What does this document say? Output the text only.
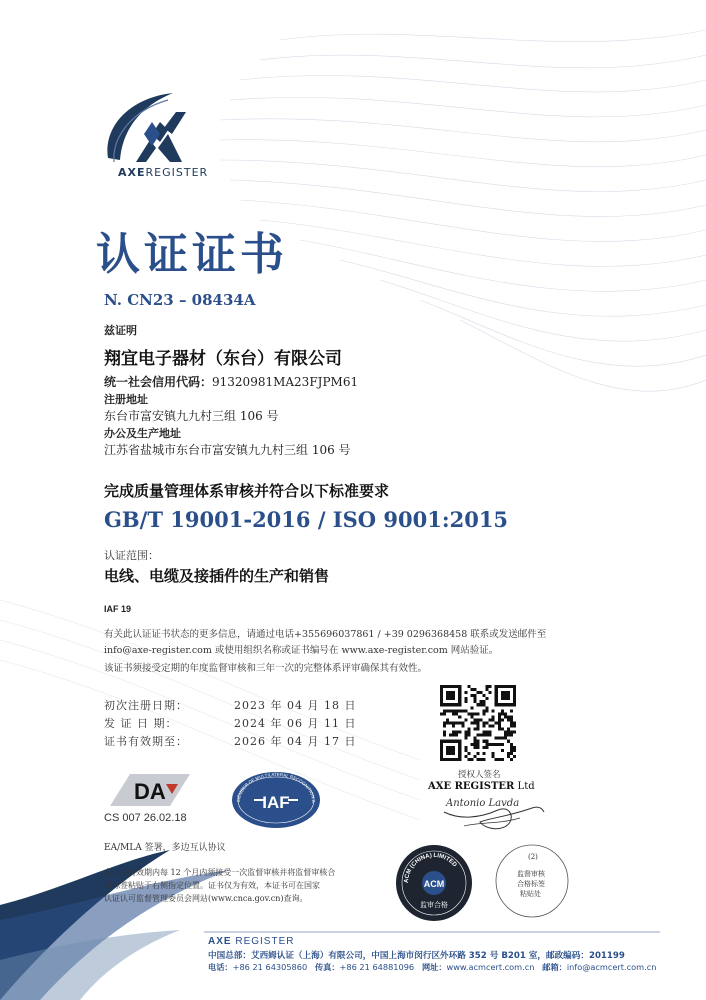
AXEREGISTER
认证证书
N. CN23 – 08434A
兹证明
翔宜电子器材（东台）有限公司
统一社会信用代码：91320981MA23FJPM61
注册地址
东台市富安镇九九村三组 106 号
办公及生产地址
江苏省盐城市东台市富安镇九九村三组 106 号
完成质量管理体系审核并符合以下标准要求
GB/T 19001-2016 / ISO 9001:2015
认证范围：
电线、电缆及接插件的生产和销售
IAF 19
有关此认证证书状态的更多信息，请通过电话+355696037861 / +39 0296368458 联系或发送邮件至
info@axe-register.com 或使用组织名称或证书编号在 www.axe-register.com 网站验证。
该证书须接受定期的年度监督审核和三年一次的完整体系评审确保其有效性。
初次注册日期：	2023 年 04 月 18 日
发 证 日 期：	2024 年 06 月 11 日
证书有效期至：	2026 年 04 月 17 日
授权人签名
AXE REGISTER Ltd
Antonio Lavda
DA
CS 007 26.02.18
MEMBER OF MULTILATERAL RECOGNITION A
IAF
EA/MLA 签署，多边互认协议
在证书有效期内每 12 个月内须接受一次监督审核并将监督审核合
格标签粘贴于右侧指定位置。证书仅为有效，本证书可在国家
认证认可监督管理委员会网站(www.cnca.gov.cn)查询。
ACM (CHINA) LIMITED
ACM
监审合格
(2)
监督审核
合格标签
粘贴处
AXE REGISTER
中国总部：艾西姆认证（上海）有限公司，中国上海市闵行区外环路 352 号 B201 室，邮政编码：201199
电话：+86 21 64305860 传真：+86 21 64881096 网址：www.acmcert.com.cn 邮箱：info@acmcert.com.cn
